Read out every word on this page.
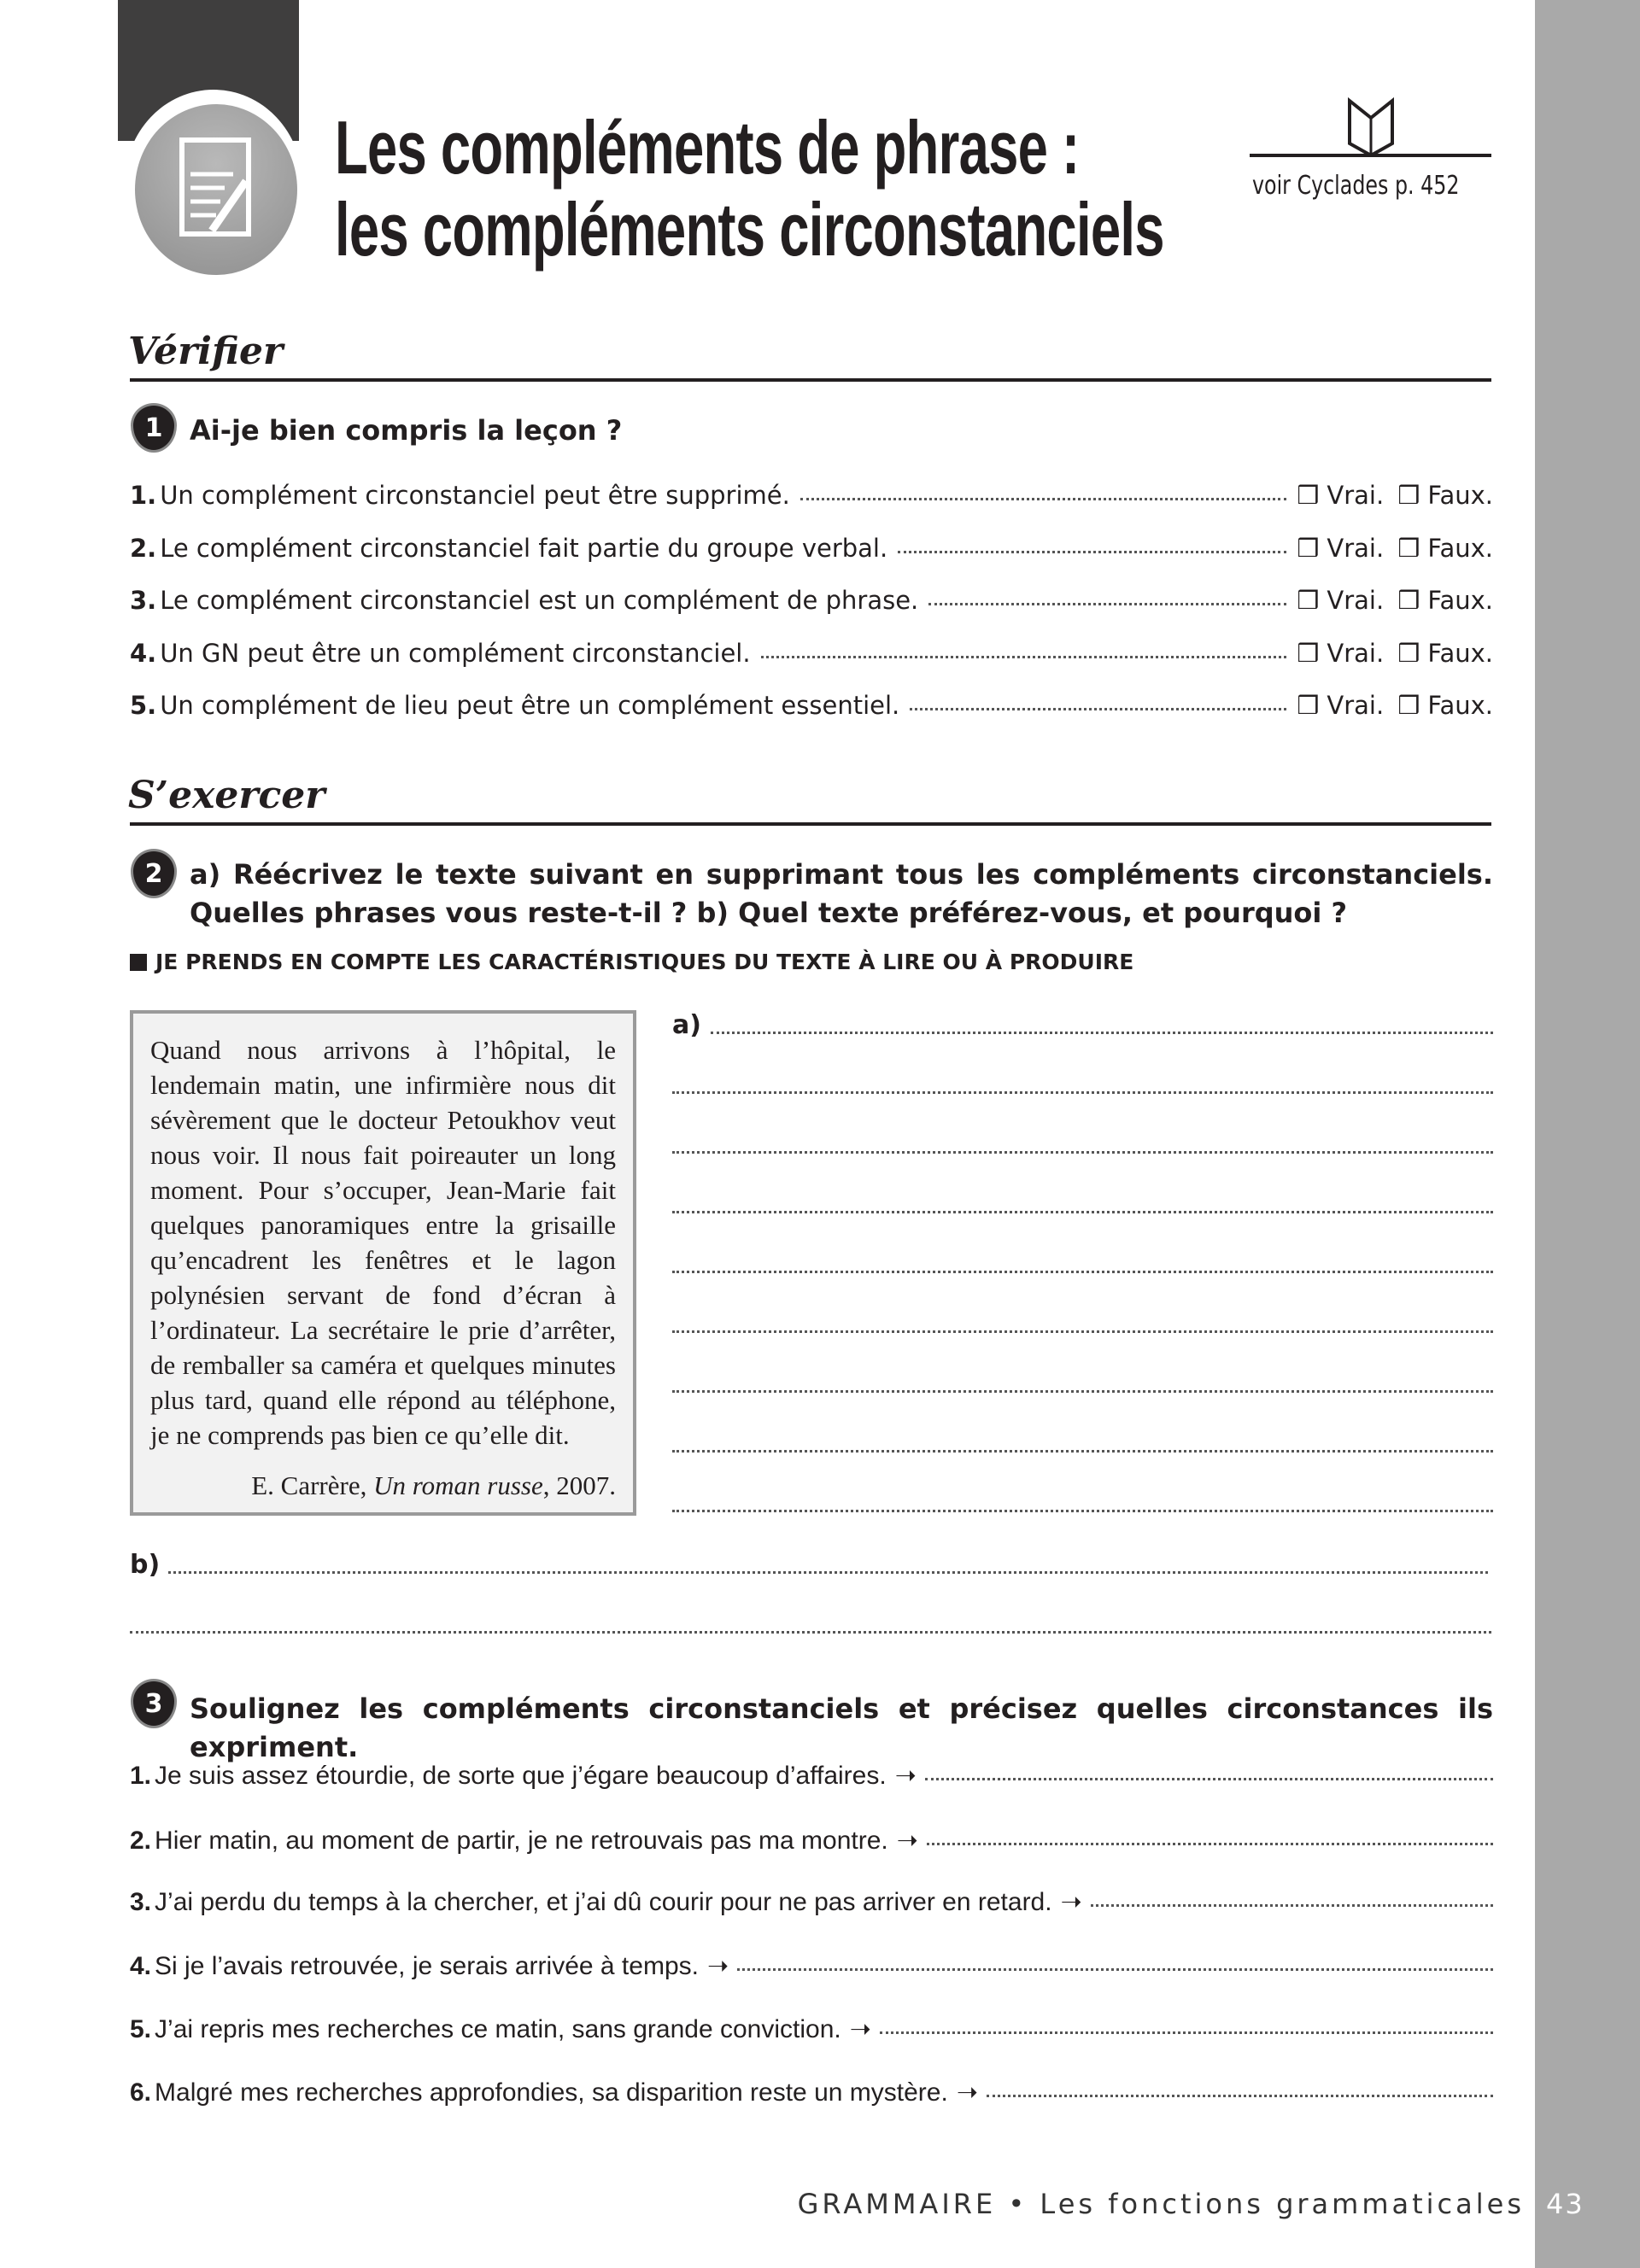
Les compléments de phrase :
les compléments circonstanciels
voir Cyclades p. 452
Vérifier
1 Ai-je bien compris la leçon ?
1. Un complément circonstanciel peut être supprimé.	❒ Vrai. ❒ Faux.
2. Le complément circonstanciel fait partie du groupe verbal.	❒ Vrai. ❒ Faux.
3. Le complément circonstanciel est un complément de phrase.	❒ Vrai. ❒ Faux.
4. Un GN peut être un complément circonstanciel.	❒ Vrai. ❒ Faux.
5. Un complément de lieu peut être un complément essentiel.	❒ Vrai. ❒ Faux.
S’exercer
2 a) Réécrivez le texte suivant en supprimant tous les compléments circonstanciels. Quelles phrases vous reste-t-il ? b) Quel texte préférez-vous, et pourquoi ?
JE PRENDS EN COMPTE LES CARACTÉRISTIQUES DU TEXTE À LIRE OU À PRODUIRE
Quand nous arrivons à l’hôpital, le lendemain matin, une infirmière nous dit sévèrement que le docteur Petoukhov veut nous voir. Il nous fait poireauter un long moment. Pour s’occuper, Jean-Marie fait quelques panoramiques entre la grisaille qu’encadrent les fenêtres et le lagon polynésien servant de fond d’écran à l’ordinateur. La secrétaire le prie d’arrêter, de remballer sa caméra et quelques minutes plus tard, quand elle répond au téléphone, je ne comprends pas bien ce qu’elle dit.
E. Carrère, Un roman russe, 2007.
a)
b)
3 Soulignez les compléments circonstanciels et précisez quelles circonstances ils expriment.
1. Je suis assez étourdie, de sorte que j’égare beaucoup d’affaires. ➝
2. Hier matin, au moment de partir, je ne retrouvais pas ma montre. ➝
3. J’ai perdu du temps à la chercher, et j’ai dû courir pour ne pas arriver en retard. ➝
4. Si je l’avais retrouvée, je serais arrivée à temps. ➝
5. J’ai repris mes recherches ce matin, sans grande conviction. ➝
6. Malgré mes recherches approfondies, sa disparition reste un mystère. ➝
GRAMMAIRE • Les fonctions grammaticales 43
